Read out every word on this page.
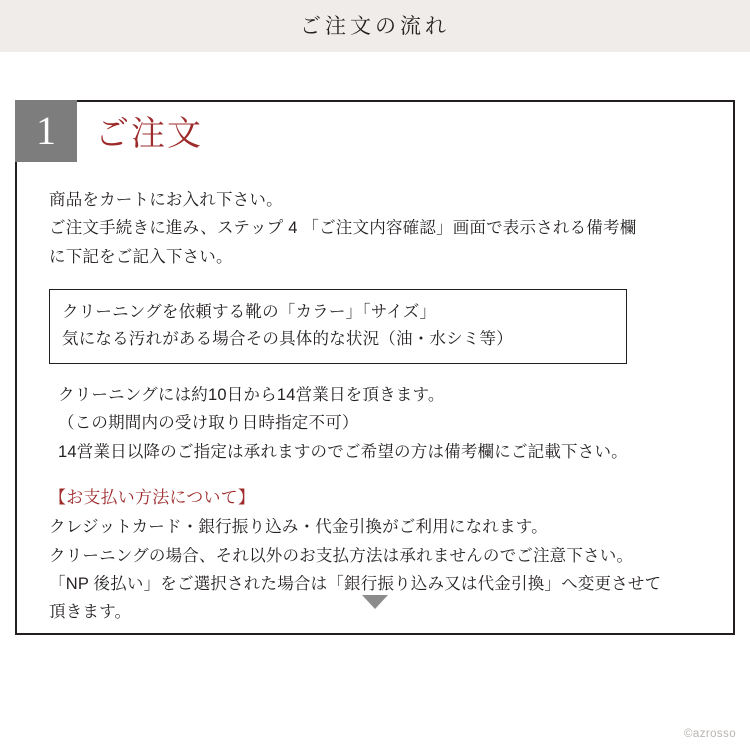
ご注文の流れ
1	ご注文
商品をカートにお入れ下さい。
ご注文手続きに進み、ステップ 4 「ご注文内容確認」画面で表示される備考欄
に下記をご記入下さい。
クリーニングを依頼する靴の「カラー」「サイズ」
気になる汚れがある場合その具体的な状況（油・水シミ等）
クリーニングには約10日から14営業日を頂きます。
（この期間内の受け取り日時指定不可）
14営業日以降のご指定は承れますのでご希望の方は備考欄にご記載下さい。
【お支払い方法について】
クレジットカード・銀行振り込み・代金引換がご利用になれます。
クリーニングの場合、それ以外のお支払方法は承れませんのでご注意下さい。
「NP 後払い」をご選択された場合は「銀行振り込み又は代金引換」へ変更させて
頂きます。
©azrosso
